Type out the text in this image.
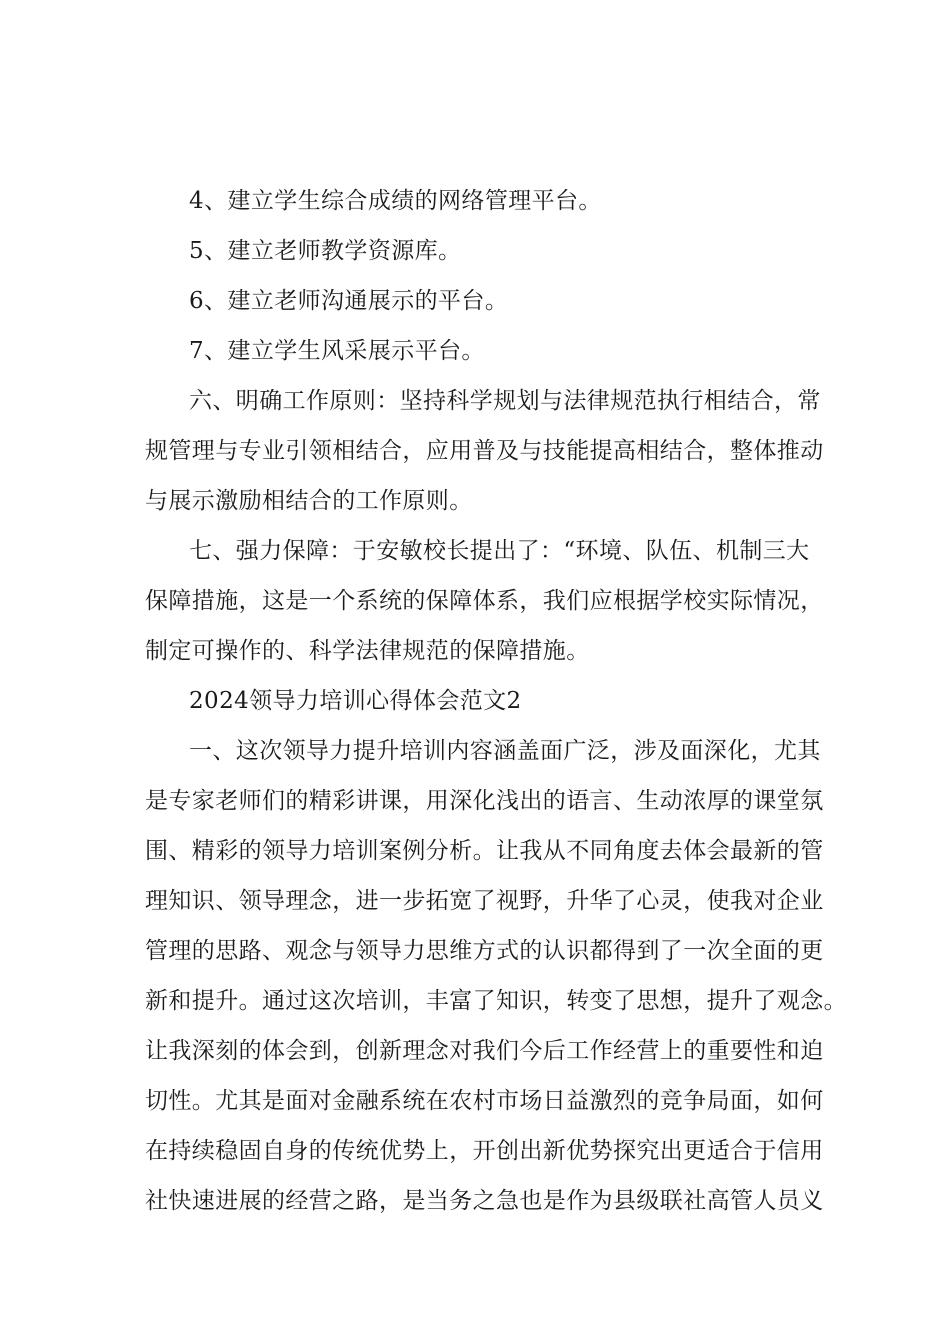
4、建立学生综合成绩的网络管理平台。
5、建立老师教学资源库。
6、建立老师沟通展示的平台。
7、建立学生风采展示平台。
六、明确工作原则：坚持科学规划与法律规范执行相结合，常
规管理与专业引领相结合，应用普及与技能提高相结合，整体推动
与展示激励相结合的工作原则。
七、强力保障：于安敏校长提出了：“环境、队伍、机制三大
保障措施，这是一个系统的保障体系，我们应根据学校实际情况，
制定可操作的、科学法律规范的保障措施。
2024领导力培训心得体会范文2
一、这次领导力提升培训内容涵盖面广泛，涉及面深化，尤其
是专家老师们的精彩讲课，用深化浅出的语言、生动浓厚的课堂氛
围、精彩的领导力培训案例分析。让我从不同角度去体会最新的管
理知识、领导理念，进一步拓宽了视野，升华了心灵，使我对企业
管理的思路、观念与领导力思维方式的认识都得到了一次全面的更
新和提升。通过这次培训，丰富了知识，转变了思想，提升了观念。
让我深刻的体会到，创新理念对我们今后工作经营上的重要性和迫
切性。尤其是面对金融系统在农村市场日益激烈的竞争局面，如何
在持续稳固自身的传统优势上，开创出新优势探究出更适合于信用
社快速进展的经营之路，是当务之急也是作为县级联社高管人员义
